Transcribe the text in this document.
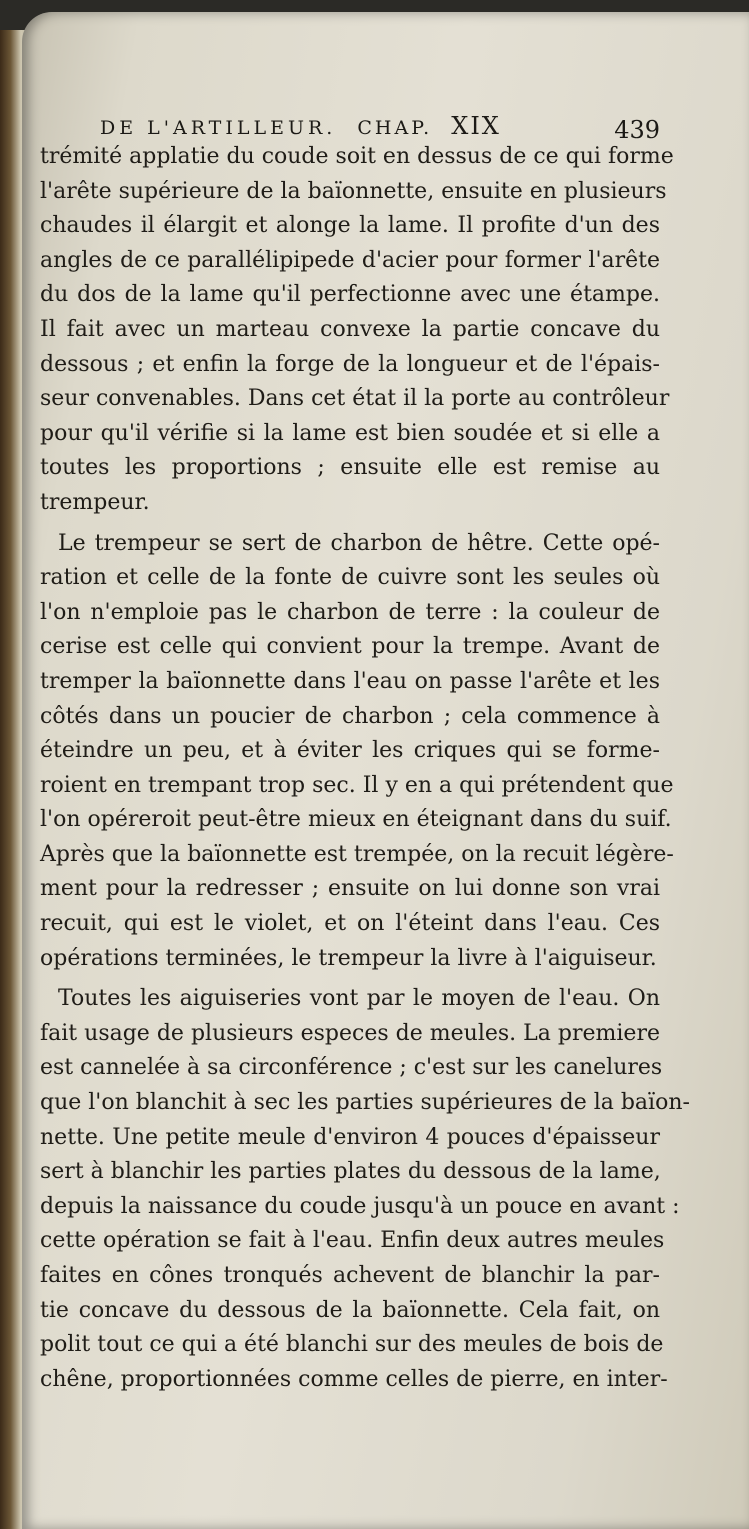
DE L'ARTILLEUR. CHAP. XIX	439
trémité applatie du coude soit en dessus de ce qui forme
l'arête supérieure de la baïonnette, ensuite en plusieurs
chaudes il élargit et alonge la lame. Il profite d'un des
angles de ce parallélipipede d'acier pour former l'arête
du dos de la lame qu'il perfectionne avec une étampe.
Il fait avec un marteau convexe la partie concave du
dessous ; et enfin la forge de la longueur et de l'épais-
seur convenables. Dans cet état il la porte au contrôleur
pour qu'il vérifie si la lame est bien soudée et si elle a
toutes les proportions ; ensuite elle est remise au
trempeur.
Le trempeur se sert de charbon de hêtre. Cette opé-
ration et celle de la fonte de cuivre sont les seules où
l'on n'emploie pas le charbon de terre : la couleur de
cerise est celle qui convient pour la trempe. Avant de
tremper la baïonnette dans l'eau on passe l'arête et les
côtés dans un poucier de charbon ; cela commence à
éteindre un peu, et à éviter les criques qui se forme-
roient en trempant trop sec. Il y en a qui prétendent que
l'on opéreroit peut-être mieux en éteignant dans du suif.
Après que la baïonnette est trempée, on la recuit légère-
ment pour la redresser ; ensuite on lui donne son vrai
recuit, qui est le violet, et on l'éteint dans l'eau. Ces
opérations terminées, le trempeur la livre à l'aiguiseur.
Toutes les aiguiseries vont par le moyen de l'eau. On
fait usage de plusieurs especes de meules. La premiere
est cannelée à sa circonférence ; c'est sur les canelures
que l'on blanchit à sec les parties supérieures de la baïon-
nette. Une petite meule d'environ 4 pouces d'épaisseur
sert à blanchir les parties plates du dessous de la lame,
depuis la naissance du coude jusqu'à un pouce en avant :
cette opération se fait à l'eau. Enfin deux autres meules
faites en cônes tronqués achevent de blanchir la par-
tie concave du dessous de la baïonnette. Cela fait, on
polit tout ce qui a été blanchi sur des meules de bois de
chêne, proportionnées comme celles de pierre, en inter-
